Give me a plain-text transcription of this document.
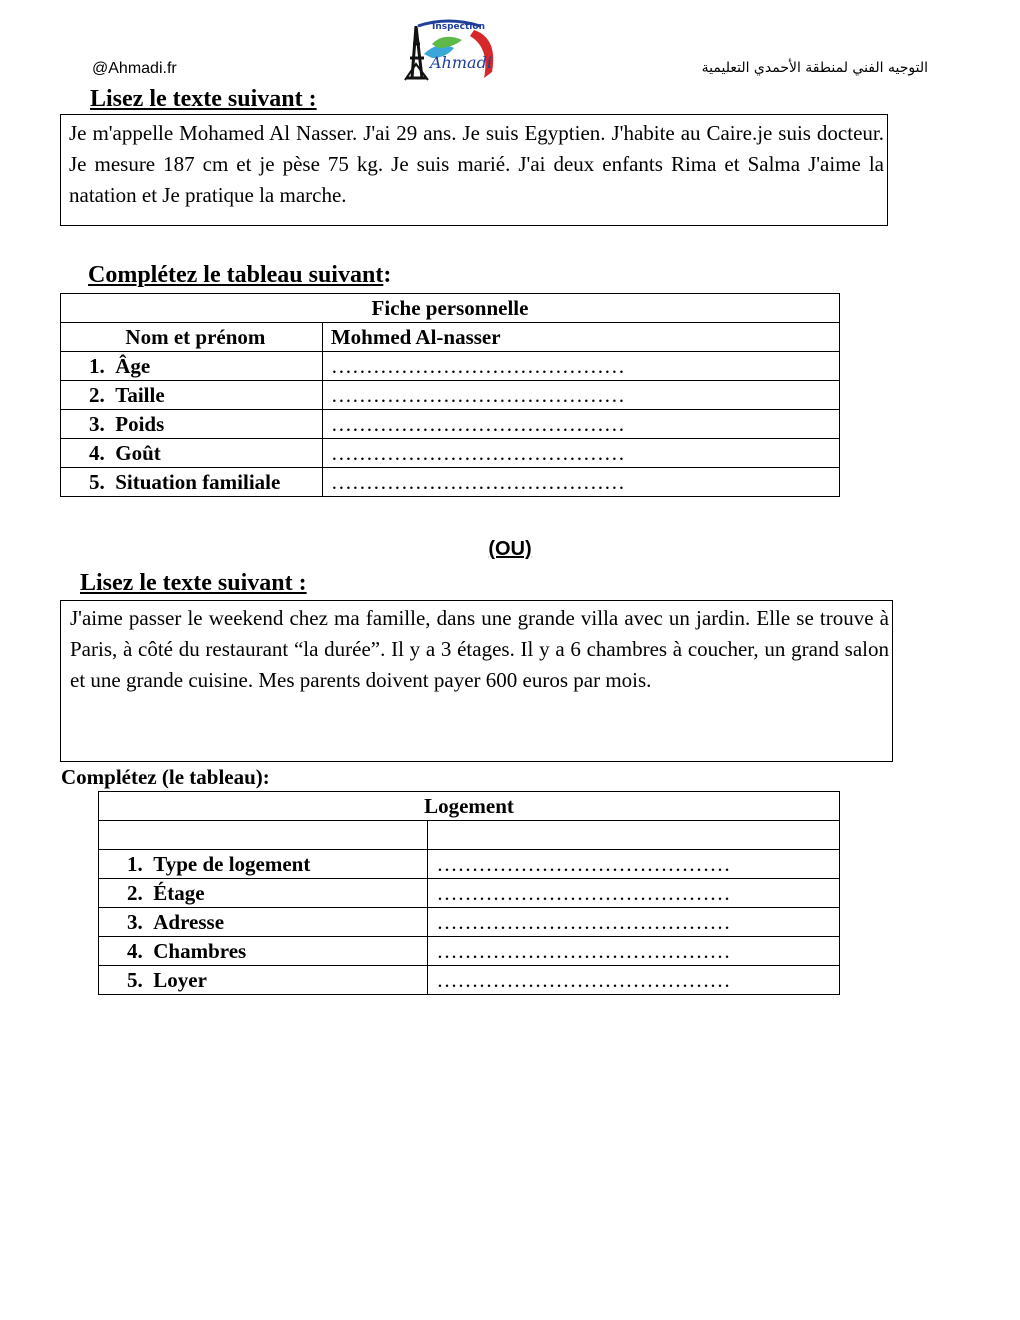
@Ahmadi.fr
Inspection
Ahmadi	التوجيه الفني لمنطقة الأحمدي التعليمية
Lisez le texte suivant :

Je m'appelle Mohamed Al Nasser. J'ai 29 ans. Je suis Egyptien. J'habite au Caire.je suis docteur. Je mesure 187 cm et je pèse 75 kg. Je suis marié. J'ai deux enfants Rima et Salma J'aime la natation et Je pratique la marche.

Complétez le tableau suivant:
Fiche personnelle	
Nom et prénom	Mohmed Al-nasser
1. Âge	……………………………………
2. Taille	……………………………………
3. Poids	……………………………………
4. Goût	……………………………………
5. Situation familiale	……………………………………
(OU)
Lisez le texte suivant :

J'aime passer le weekend chez ma famille, dans une grande villa avec un jardin. Elle se trouve à Paris, à côté du restaurant “la durée”. Il y a 3 étages. Il y a 6 chambres à coucher, un grand salon et une grande cuisine. Mes parents doivent payer 600 euros par mois.

Complétez (le tableau):
Logement	

1. Type de logement	……………………………………
2. Étage	……………………………………
3. Adresse	……………………………………
4. Chambres	……………………………………
5. Loyer	……………………………………
